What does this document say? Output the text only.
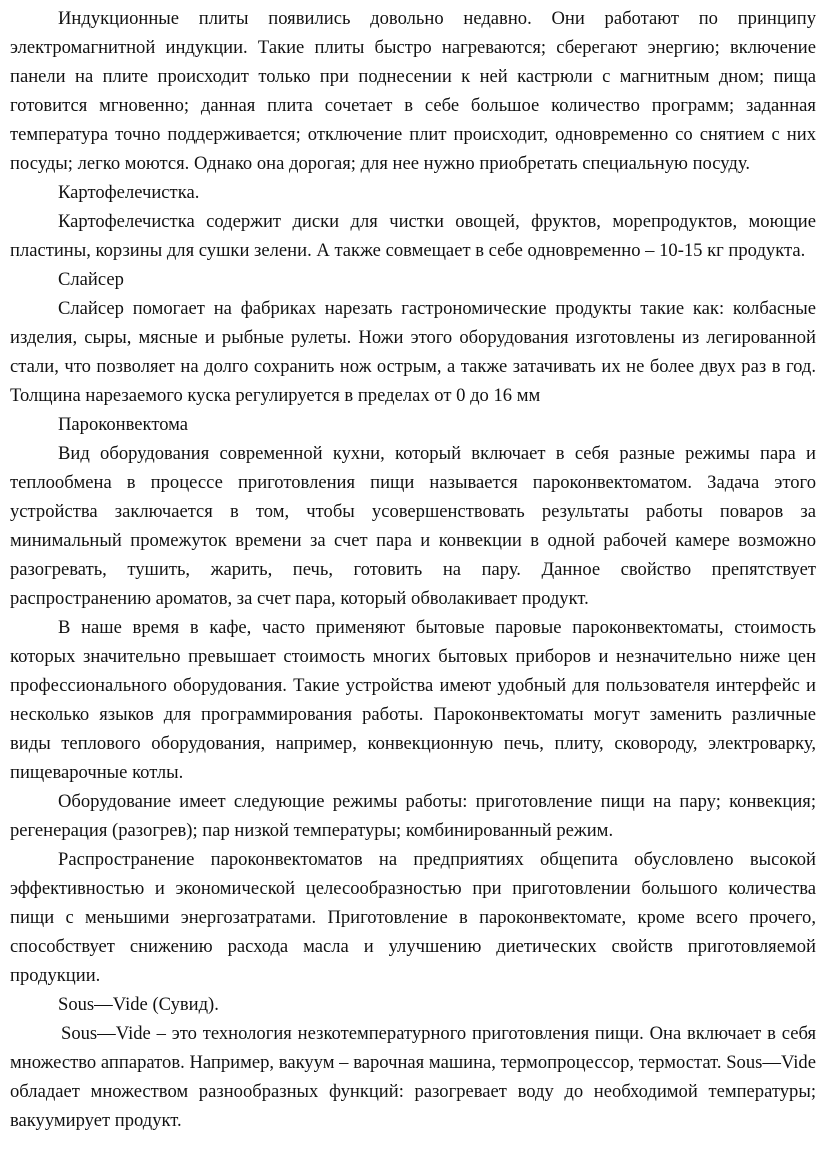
Индукционные плиты появились довольно недавно. Они работают по принципу электромагнитной индукции. Такие плиты быстро нагреваются; сберегают энергию; включение панели на плите происходит только при поднесении к ней кастрюли с магнитным дном; пища готовится мгновенно; данная плита сочетает в себе большое количество программ; заданная температура точно поддерживается; отключение плит происходит, одновременно со снятием с них посуды; легко моются. Однако она дорогая; для нее нужно приобретать специальную посуду.

Картофелечистка.

Картофелечистка содержит диски для чистки овощей, фруктов, морепродуктов, моющие пластины, корзины для сушки зелени. А также совмещает в себе одновременно – 10-15 кг продукта.

Слайсер

Слайсер помогает на фабриках нарезать гастрономические продукты такие как: колбасные изделия, сыры, мясные и рыбные рулеты. Ножи этого оборудования изготовлены из легированной стали, что позволяет на долго сохранить нож острым, а также затачивать их не более двух раз в год. Толщина нарезаемого куска регулируется в пределах от 0 до 16 мм

Пароконвектома

Вид оборудования современной кухни, который включает в себя разные режимы пара и теплообмена в процессе приготовления пищи называется пароконвектоматом. Задача этого устройства заключается в том, чтобы усовершенствовать результаты работы поваров за минимальный промежуток времени за счет пара и конвекции в одной рабочей камере возможно разогревать, тушить, жарить, печь, готовить на пару. Данное свойство препятствует распространению ароматов, за счет пара, который обволакивает продукт.

В наше время в кафе, часто применяют бытовые паровые пароконвектоматы, стоимость которых значительно превышает стоимость многих бытовых приборов и незначительно ниже цен профессионального оборудования. Такие устройства имеют удобный для пользователя интерфейс и несколько языков для программирования работы. Пароконвектоматы могут заменить различные виды теплового оборудования, например, конвекционную печь, плиту, сковороду, электроварку, пищеварочные котлы.

Оборудование имеет следующие режимы работы: приготовление пищи на пару; конвекция; регенерация (разогрев); пар низкой температуры; комбинированный режим.

Распространение пароконвектоматов на предприятиях общепита обусловлено высокой эффективностью и экономической целесообразностью при приготовлении большого количества пищи с меньшими энергозатратами. Приготовление в пароконвектомате, кроме всего прочего, способствует снижению расхода масла и улучшению диетических свойств приготовляемой продукции.

Sous—Vide (Сувид).

Sous—Vide – это технология незкотемпературного приготовления пищи. Она включает в себя множество аппаратов. Например, вакуум – варочная машина, термопроцессор, термостат. Sous—Vide обладает множеством разнообразных функций: разогревает воду до необходимой температуры; вакуумирует продукт.
